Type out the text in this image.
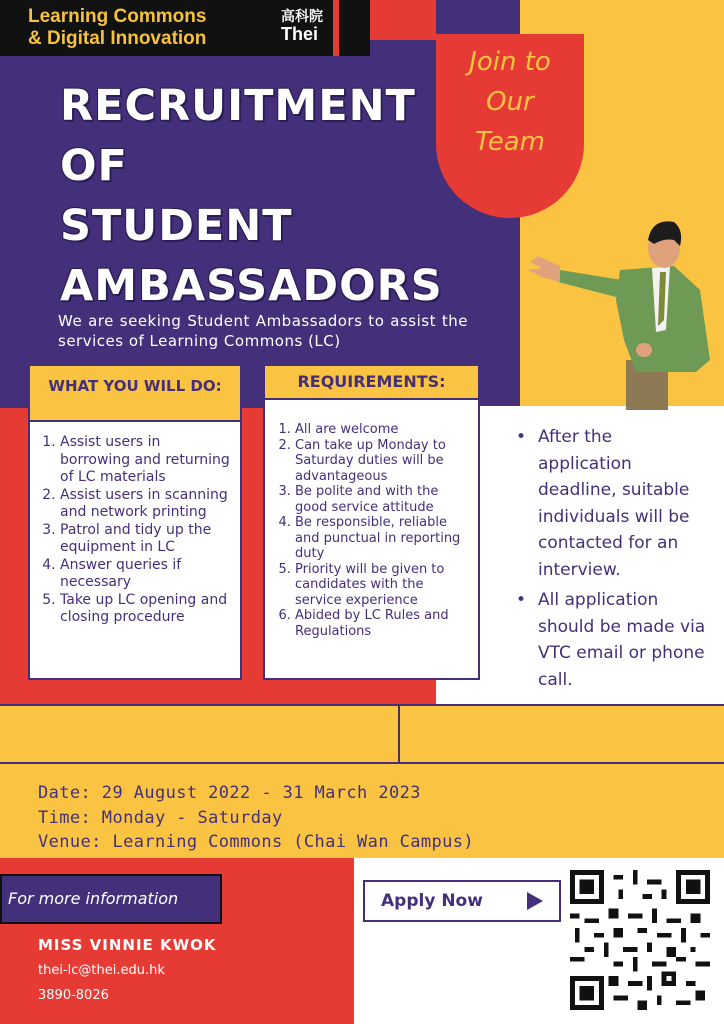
Learning Commons
& Digital Innovation
高科院
Thei
Join to
Our
Team
RECRUITMENT
OF
STUDENT
AMBASSADORS
We are seeking Student Ambassadors to assist the services of Learning Commons (LC)
WHAT YOU WILL DO:
1. Assist users in borrowing and returning of LC materials
2. Assist users in scanning and network printing
3. Patrol and tidy up the equipment in LC
4. Answer queries if necessary
5. Take up LC opening and closing procedure
REQUIREMENTS:
1. All are welcome
2. Can take up Monday to Saturday duties will be advantageous
3. Be polite and with the good service attitude
4. Be responsible, reliable and punctual in reporting duty
5. Priority will be given to candidates with the service experience
6. Abided by LC Rules and Regulations
• After the application deadline, suitable individuals will be contacted for an interview.
• All application should be made via VTC email or phone call.
Date: 29 August 2022 - 31 March 2023
Time: Monday - Saturday
Venue: Learning Commons (Chai Wan Campus)
For more information
MISS VINNIE KWOK
thei-lc@thei.edu.hk
3890-8026
Apply Now
